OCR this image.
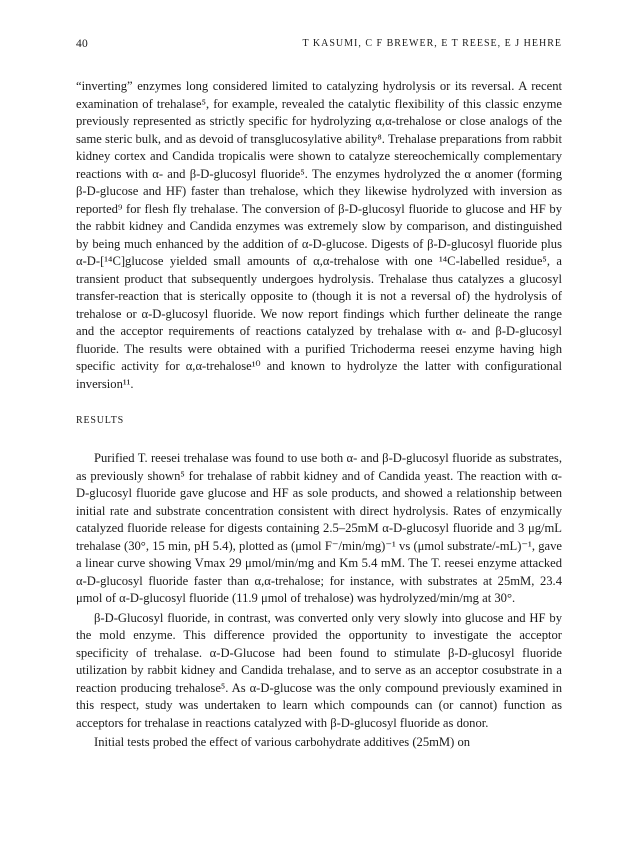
40	T KASUMI, C F BREWER, E T REESE, E J HEHRE

“inverting” enzymes long considered limited to catalyzing hydrolysis or its reversal. A recent examination of trehalase⁵, for example, revealed the catalytic flexibility of this classic enzyme previously represented as strictly specific for hydrolyzing α,α-trehalose or close analogs of the same steric bulk, and as devoid of transglucosylative ability⁸. Trehalase preparations from rabbit kidney cortex and Candida tropicalis were shown to catalyze stereochemically complementary reactions with α- and β-D-glucosyl fluoride⁵. The enzymes hydrolyzed the α anomer (forming β-D-glucose and HF) faster than trehalose, which they likewise hydrolyzed with inversion as reported⁹ for flesh fly trehalase. The conversion of β-D-glucosyl fluoride to glucose and HF by the rabbit kidney and Candida enzymes was extremely slow by comparison, and distinguished by being much enhanced by the addition of α-D-glucose. Digests of β-D-glucosyl fluoride plus α-D-[¹⁴C]glucose yielded small amounts of α,α-trehalose with one ¹⁴C-labelled residue⁵, a transient product that subsequently undergoes hydrolysis. Trehalase thus catalyzes a glucosyl transfer-reaction that is sterically opposite to (though it is not a reversal of) the hydrolysis of trehalose or α-D-glucosyl fluoride. We now report findings which further delineate the range and the acceptor requirements of reactions catalyzed by trehalase with α- and β-D-glucosyl fluoride. The results were obtained with a purified Trichoderma reesei enzyme having high specific activity for α,α-trehalose¹⁰ and known to hydrolyze the latter with configurational inversion¹¹.

RESULTS

Purified T. reesei trehalase was found to use both α- and β-D-glucosyl fluoride as substrates, as previously shown⁵ for trehalase of rabbit kidney and of Candida yeast. The reaction with α-D-glucosyl fluoride gave glucose and HF as sole products, and showed a relationship between initial rate and substrate concentration consistent with direct hydrolysis. Rates of enzymically catalyzed fluoride release for digests containing 2.5–25mM α-D-glucosyl fluoride and 3 μg/mL trehalase (30°, 15 min, pH 5.4), plotted as (μmol F⁻/min/mg)⁻¹ vs (μmol substrate/-mL)⁻¹, gave a linear curve showing Vmax 29 μmol/min/mg and Km 5.4 mM. The T. reesei enzyme attacked α-D-glucosyl fluoride faster than α,α-trehalose; for instance, with substrates at 25mM, 23.4 μmol of α-D-glucosyl fluoride (11.9 μmol of trehalose) was hydrolyzed/min/mg at 30°.

β-D-Glucosyl fluoride, in contrast, was converted only very slowly into glucose and HF by the mold enzyme. This difference provided the opportunity to investigate the acceptor specificity of trehalase. α-D-Glucose had been found to stimulate β-D-glucosyl fluoride utilization by rabbit kidney and Candida trehalase, and to serve as an acceptor cosubstrate in a reaction producing trehalose⁵. As α-D-glucose was the only compound previously examined in this respect, study was undertaken to learn which compounds can (or cannot) function as acceptors for trehalase in reactions catalyzed with β-D-glucosyl fluoride as donor.

Initial tests probed the effect of various carbohydrate additives (25mM) on
